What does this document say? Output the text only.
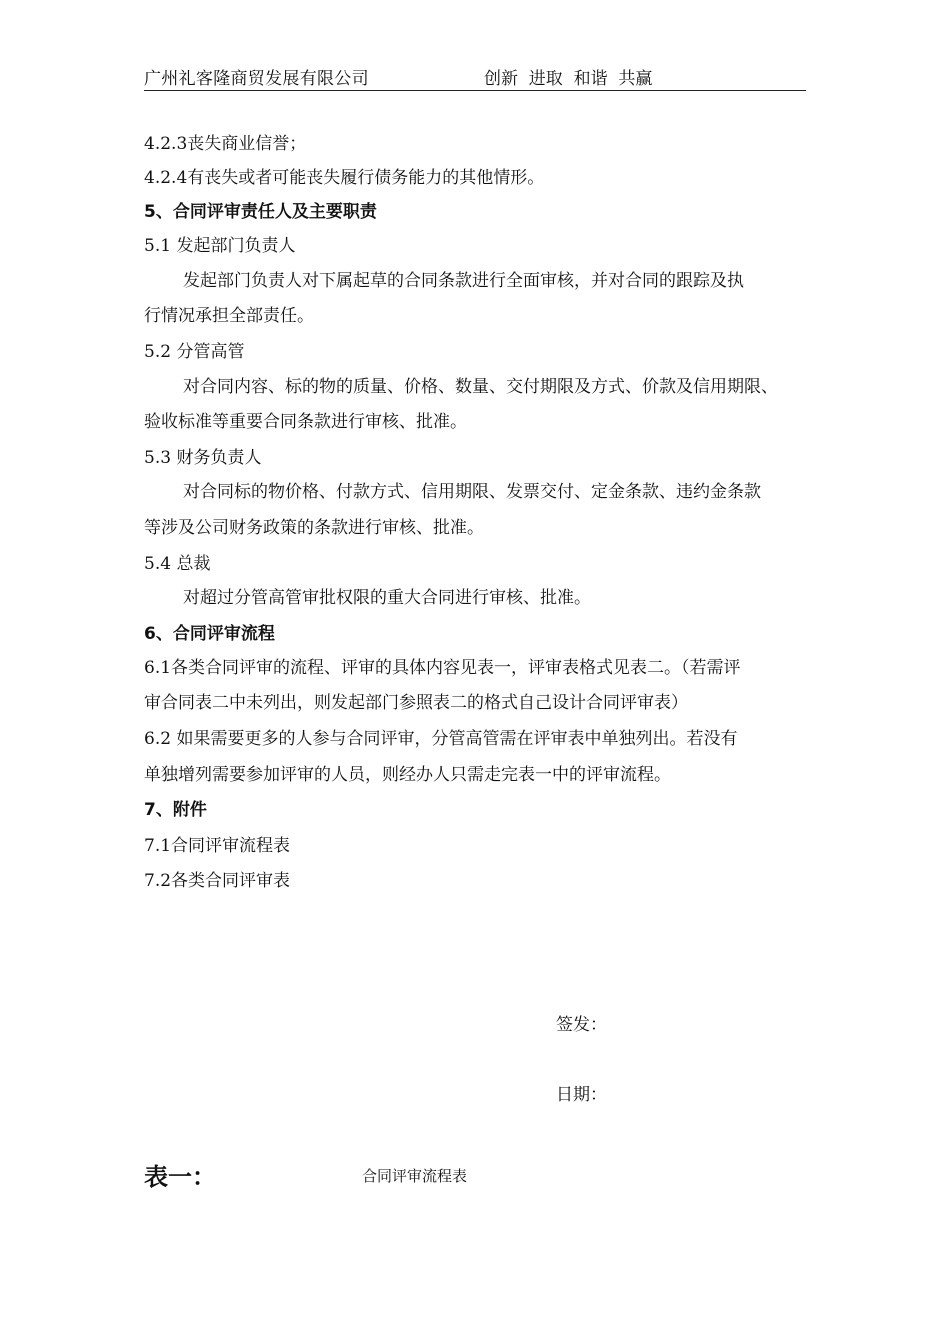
广州礼客隆商贸发展有限公司	创新  进取  和谐  共赢
4.2.3丧失商业信誉；
4.2.4有丧失或者可能丧失履行债务能力的其他情形。
5、合同评审责任人及主要职责
5.1 发起部门负责人
发起部门负责人对下属起草的合同条款进行全面审核，并对合同的跟踪及执
行情况承担全部责任。
5.2 分管高管
对合同内容、标的物的质量、价格、数量、交付期限及方式、价款及信用期限、
验收标准等重要合同条款进行审核、批准。
5.3 财务负责人
对合同标的物价格、付款方式、信用期限、发票交付、定金条款、违约金条款
等涉及公司财务政策的条款进行审核、批准。
5.4 总裁
对超过分管高管审批权限的重大合同进行审核、批准。
6、合同评审流程
6.1各类合同评审的流程、评审的具体内容见表一，评审表格式见表二。（若需评
审合同表二中未列出，则发起部门参照表二的格式自己设计合同评审表）
6.2 如果需要更多的人参与合同评审，分管高管需在评审表中单独列出。若没有
单独增列需要参加评审的人员，则经办人只需走完表一中的评审流程。
7、附件
7.1合同评审流程表
7.2各类合同评审表
签发：
日期：
表一：	合同评审流程表
